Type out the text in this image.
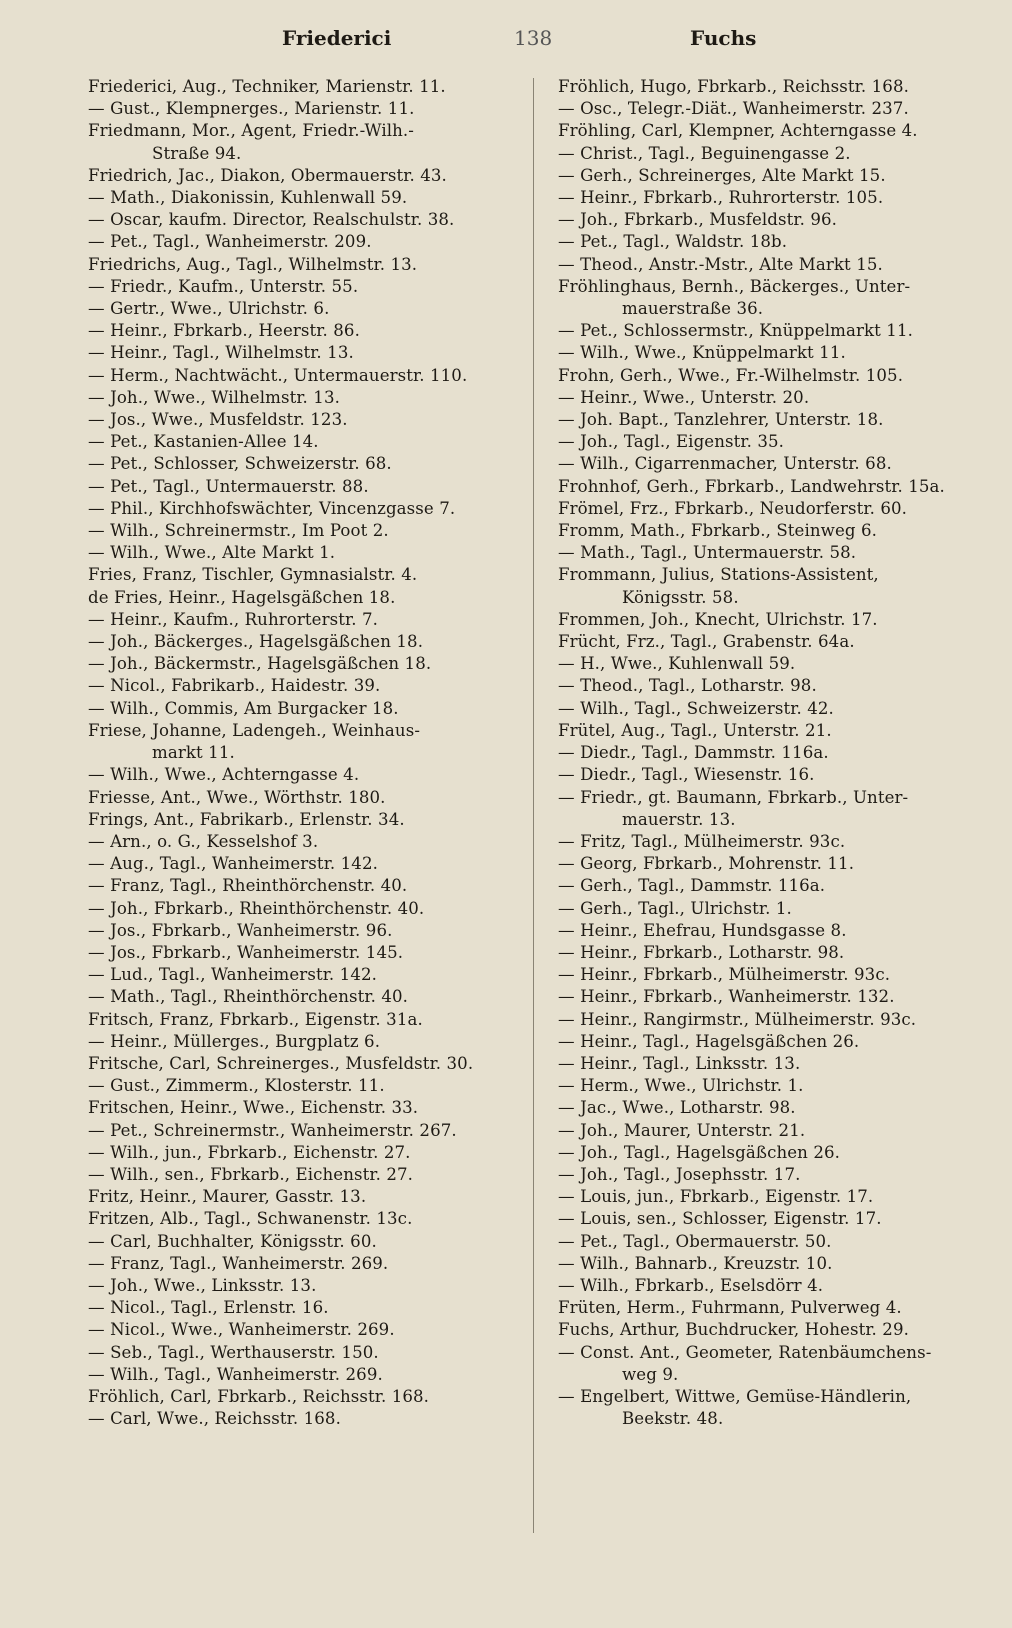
Friederici	138	Fuchs
Friederici, Aug., Techniker, Marienstr. 11.
— Gust., Klempnerges., Marienstr. 11.
Friedmann, Mor., Agent, Friedr.-Wilh.-
Straße 94.
Friedrich, Jac., Diakon, Obermauerstr. 43.
— Math., Diakonissin, Kuhlenwall 59.
— Oscar, kaufm. Director, Realschulstr. 38.
— Pet., Tagl., Wanheimerstr. 209.
Friedrichs, Aug., Tagl., Wilhelmstr. 13.
— Friedr., Kaufm., Unterstr. 55.
— Gertr., Wwe., Ulrichstr. 6.
— Heinr., Fbrkarb., Heerstr. 86.
— Heinr., Tagl., Wilhelmstr. 13.
— Herm., Nachtwächt., Untermauerstr. 110.
— Joh., Wwe., Wilhelmstr. 13.
— Jos., Wwe., Musfeldstr. 123.
— Pet., Kastanien-Allee 14.
— Pet., Schlosser, Schweizerstr. 68.
— Pet., Tagl., Untermauerstr. 88.
— Phil., Kirchhofswächter, Vincenzgasse 7.
— Wilh., Schreinermstr., Im Poot 2.
— Wilh., Wwe., Alte Markt 1.
Fries, Franz, Tischler, Gymnasialstr. 4.
de Fries, Heinr., Hagelsgäßchen 18.
— Heinr., Kaufm., Ruhrorterstr. 7.
— Joh., Bäckerges., Hagelsgäßchen 18.
— Joh., Bäckermstr., Hagelsgäßchen 18.
— Nicol., Fabrikarb., Haidestr. 39.
— Wilh., Commis, Am Burgacker 18.
Friese, Johanne, Ladengeh., Weinhaus-
markt 11.
— Wilh., Wwe., Achterngasse 4.
Friesse, Ant., Wwe., Wörthstr. 180.
Frings, Ant., Fabrikarb., Erlenstr. 34.
— Arn., o. G., Kesselshof 3.
— Aug., Tagl., Wanheimerstr. 142.
— Franz, Tagl., Rheinthörchenstr. 40.
— Joh., Fbrkarb., Rheinthörchenstr. 40.
— Jos., Fbrkarb., Wanheimerstr. 96.
— Jos., Fbrkarb., Wanheimerstr. 145.
— Lud., Tagl., Wanheimerstr. 142.
— Math., Tagl., Rheinthörchenstr. 40.
Fritsch, Franz, Fbrkarb., Eigenstr. 31a.
— Heinr., Müllerges., Burgplatz 6.
Fritsche, Carl, Schreinerges., Musfeldstr. 30.
— Gust., Zimmerm., Klosterstr. 11.
Fritschen, Heinr., Wwe., Eichenstr. 33.
— Pet., Schreinermstr., Wanheimerstr. 267.
— Wilh., jun., Fbrkarb., Eichenstr. 27.
— Wilh., sen., Fbrkarb., Eichenstr. 27.
Fritz, Heinr., Maurer, Gasstr. 13.
Fritzen, Alb., Tagl., Schwanenstr. 13c.
— Carl, Buchhalter, Königsstr. 60.
— Franz, Tagl., Wanheimerstr. 269.
— Joh., Wwe., Linksstr. 13.
— Nicol., Tagl., Erlenstr. 16.
— Nicol., Wwe., Wanheimerstr. 269.
— Seb., Tagl., Werthauserstr. 150.
— Wilh., Tagl., Wanheimerstr. 269.
Fröhlich, Carl, Fbrkarb., Reichsstr. 168.
— Carl, Wwe., Reichsstr. 168.
Fröhlich, Hugo, Fbrkarb., Reichsstr. 168.
— Osc., Telegr.-Diät., Wanheimerstr. 237.
Fröhling, Carl, Klempner, Achterngasse 4.
— Christ., Tagl., Beguinengasse 2.
— Gerh., Schreinerges, Alte Markt 15.
— Heinr., Fbrkarb., Ruhrorterstr. 105.
— Joh., Fbrkarb., Musfeldstr. 96.
— Pet., Tagl., Waldstr. 18b.
— Theod., Anstr.-Mstr., Alte Markt 15.
Fröhlinghaus, Bernh., Bäckerges., Unter-
mauerstraße 36.
— Pet., Schlossermstr., Knüppelmarkt 11.
— Wilh., Wwe., Knüppelmarkt 11.
Frohn, Gerh., Wwe., Fr.-Wilhelmstr. 105.
— Heinr., Wwe., Unterstr. 20.
— Joh. Bapt., Tanzlehrer, Unterstr. 18.
— Joh., Tagl., Eigenstr. 35.
— Wilh., Cigarrenmacher, Unterstr. 68.
Frohnhof, Gerh., Fbrkarb., Landwehrstr. 15a.
Frömel, Frz., Fbrkarb., Neudorferstr. 60.
Fromm, Math., Fbrkarb., Steinweg 6.
— Math., Tagl., Untermauerstr. 58.
Frommann, Julius, Stations-Assistent,
Königsstr. 58.
Frommen, Joh., Knecht, Ulrichstr. 17.
Frücht, Frz., Tagl., Grabenstr. 64a.
— H., Wwe., Kuhlenwall 59.
— Theod., Tagl., Lotharstr. 98.
— Wilh., Tagl., Schweizerstr. 42.
Frütel, Aug., Tagl., Unterstr. 21.
— Diedr., Tagl., Dammstr. 116a.
— Diedr., Tagl., Wiesenstr. 16.
— Friedr., gt. Baumann, Fbrkarb., Unter-
mauerstr. 13.
— Fritz, Tagl., Mülheimerstr. 93c.
— Georg, Fbrkarb., Mohrenstr. 11.
— Gerh., Tagl., Dammstr. 116a.
— Gerh., Tagl., Ulrichstr. 1.
— Heinr., Ehefrau, Hundsgasse 8.
— Heinr., Fbrkarb., Lotharstr. 98.
— Heinr., Fbrkarb., Mülheimerstr. 93c.
— Heinr., Fbrkarb., Wanheimerstr. 132.
— Heinr., Rangirmstr., Mülheimerstr. 93c.
— Heinr., Tagl., Hagelsgäßchen 26.
— Heinr., Tagl., Linksstr. 13.
— Herm., Wwe., Ulrichstr. 1.
— Jac., Wwe., Lotharstr. 98.
— Joh., Maurer, Unterstr. 21.
— Joh., Tagl., Hagelsgäßchen 26.
— Joh., Tagl., Josephsstr. 17.
— Louis, jun., Fbrkarb., Eigenstr. 17.
— Louis, sen., Schlosser, Eigenstr. 17.
— Pet., Tagl., Obermauerstr. 50.
— Wilh., Bahnarb., Kreuzstr. 10.
— Wilh., Fbrkarb., Eselsdörr 4.
Früten, Herm., Fuhrmann, Pulverweg 4.
Fuchs, Arthur, Buchdrucker, Hohestr. 29.
— Const. Ant., Geometer, Ratenbäumchens-
weg 9.
— Engelbert, Wittwe, Gemüse-Händlerin,
Beekstr. 48.
